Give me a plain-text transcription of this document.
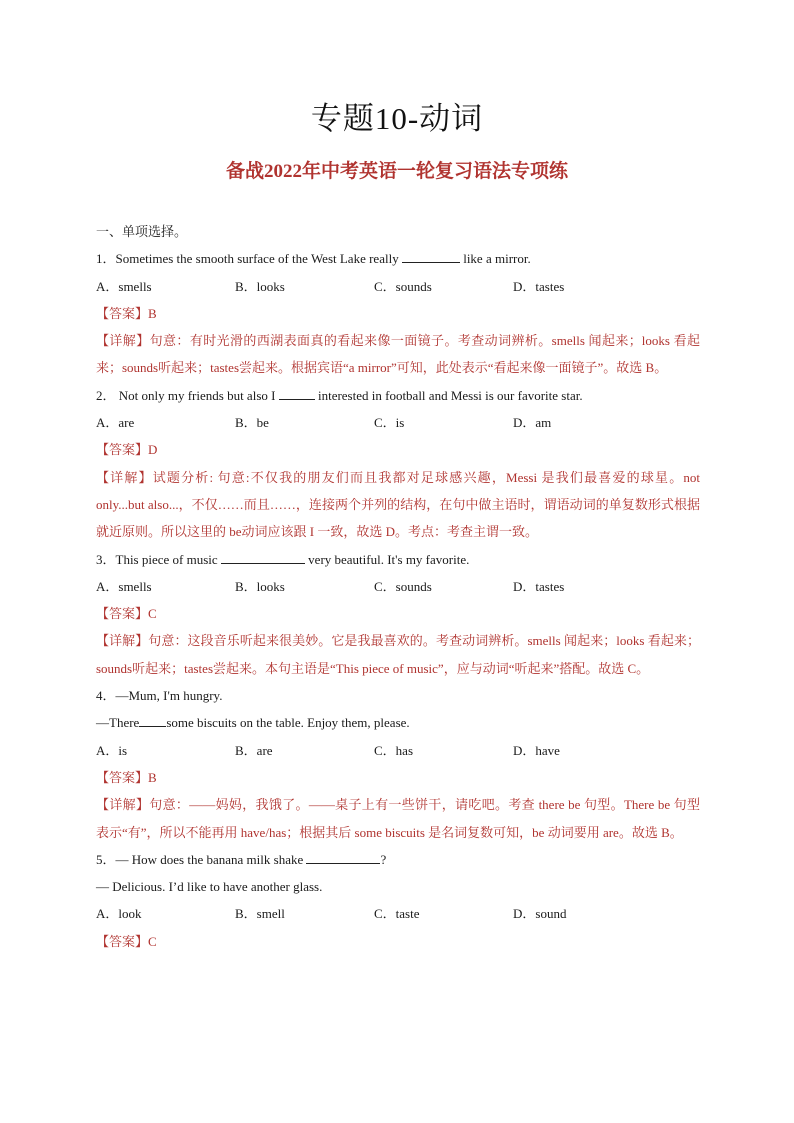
专题10-动词
备战2022年中考英语一轮复习语法专项练
一、单项选择。
1．Sometimes the smooth surface of the West Lake really	like a mirror.
A．smells	B．looks	C．sounds	D．tastes
【答案】B
【详解】句意：有时光滑的西湖表面真的看起来像一面镜子。考查动词辨析。smells 闻起来；looks 看起来；sounds听起来；tastes尝起来。根据宾语“a mirror”可知，此处表示“看起来像一面镜子”。故选 B。
2． Not only my friends but also I	interested in football and Messi is our favorite star.
A．are	B．be	C．is	D．am
【答案】D
【详解】试题分析: 句意:不仅我的朋友们而且我都对足球感兴趣，Messi 是我们最喜爱的球星。not only...but also...，不仅……而且……，连接两个并列的结构，在句中做主语时，谓语动词的单复数形式根据就近原则。所以这里的 be动词应该跟 I 一致，故选 D。考点：考查主谓一致。
3．This piece of music	very beautiful. It's my favorite.
A．smells	B．looks	C．sounds	D．tastes
【答案】C
【详解】句意：这段音乐听起来很美妙。它是我最喜欢的。考查动词辨析。smells 闻起来；looks 看起来；sounds听起来；tastes尝起来。本句主语是“This piece of music”，应与动词“听起来”搭配。故选 C。
4．—Mum, I'm hungry.
—There some biscuits on the table. Enjoy them, please.
A．is	B．are	C．has	D．have
【答案】B
【详解】句意：——妈妈，我饿了。——桌子上有一些饼干，请吃吧。考查 there be 句型。There be 句型表示“有”，所以不能再用 have/has；根据其后 some biscuits 是名词复数可知，be 动词要用 are。故选 B。
5．— How does the banana milk shake	?
— Delicious. I’d like to have another glass.
A．look	B．smell	C．taste	D．sound
【答案】C
